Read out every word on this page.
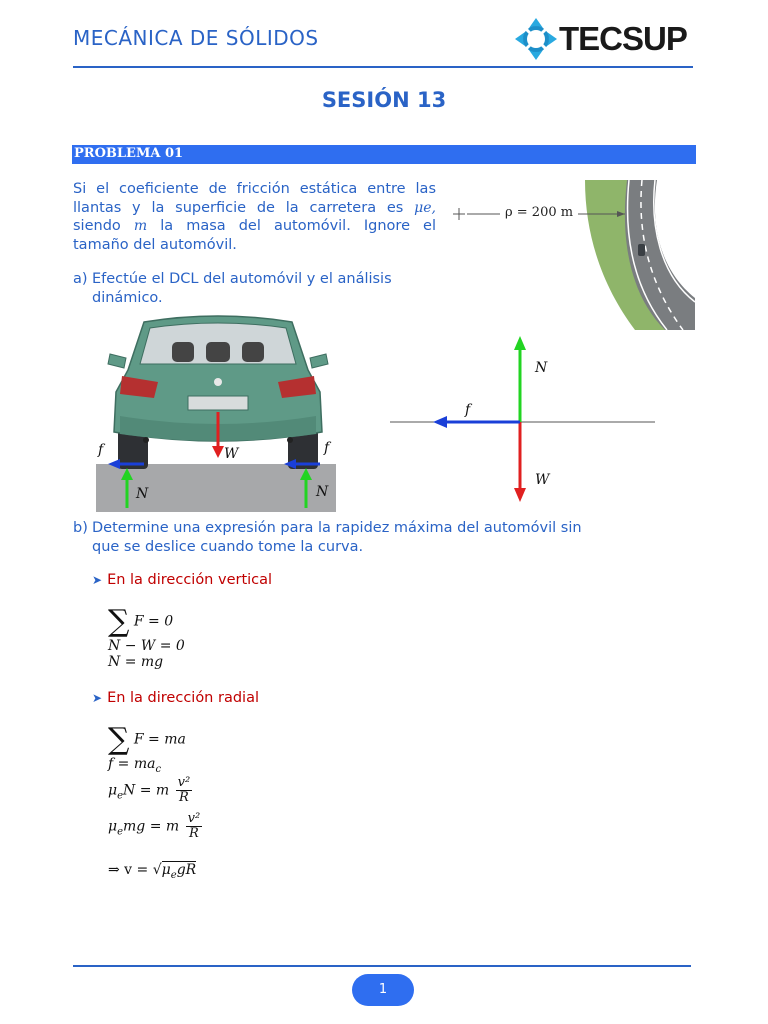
MECÁNICA DE SÓLIDOS	TECSUP
SESIÓN 13
PROBLEMA 01
Si el coeficiente de fricción estática entre las llantas y la superficie de la carretera es μe, siendo m la masa del automóvil. Ignore el tamaño del automóvil.
ρ = 200 m
a) Efectúe el DCL del automóvil y el análisis dinámico.
f	f
W
N	N
N
f
W
b) Determine una expresión para la rapidez máxima del automóvil sin que se deslice cuando tome la curva.
➤ En la dirección vertical
∑ F = 0
N − W = 0
N = mg
➤ En la dirección radial
∑ F = ma
$f = ma_c$
$\mu_eN = m \frac{\text{v²}}{R}$
$\mu_emg = m \frac{\text{v²}}{R}$
⇒ $v = √\mu_egR$
1
